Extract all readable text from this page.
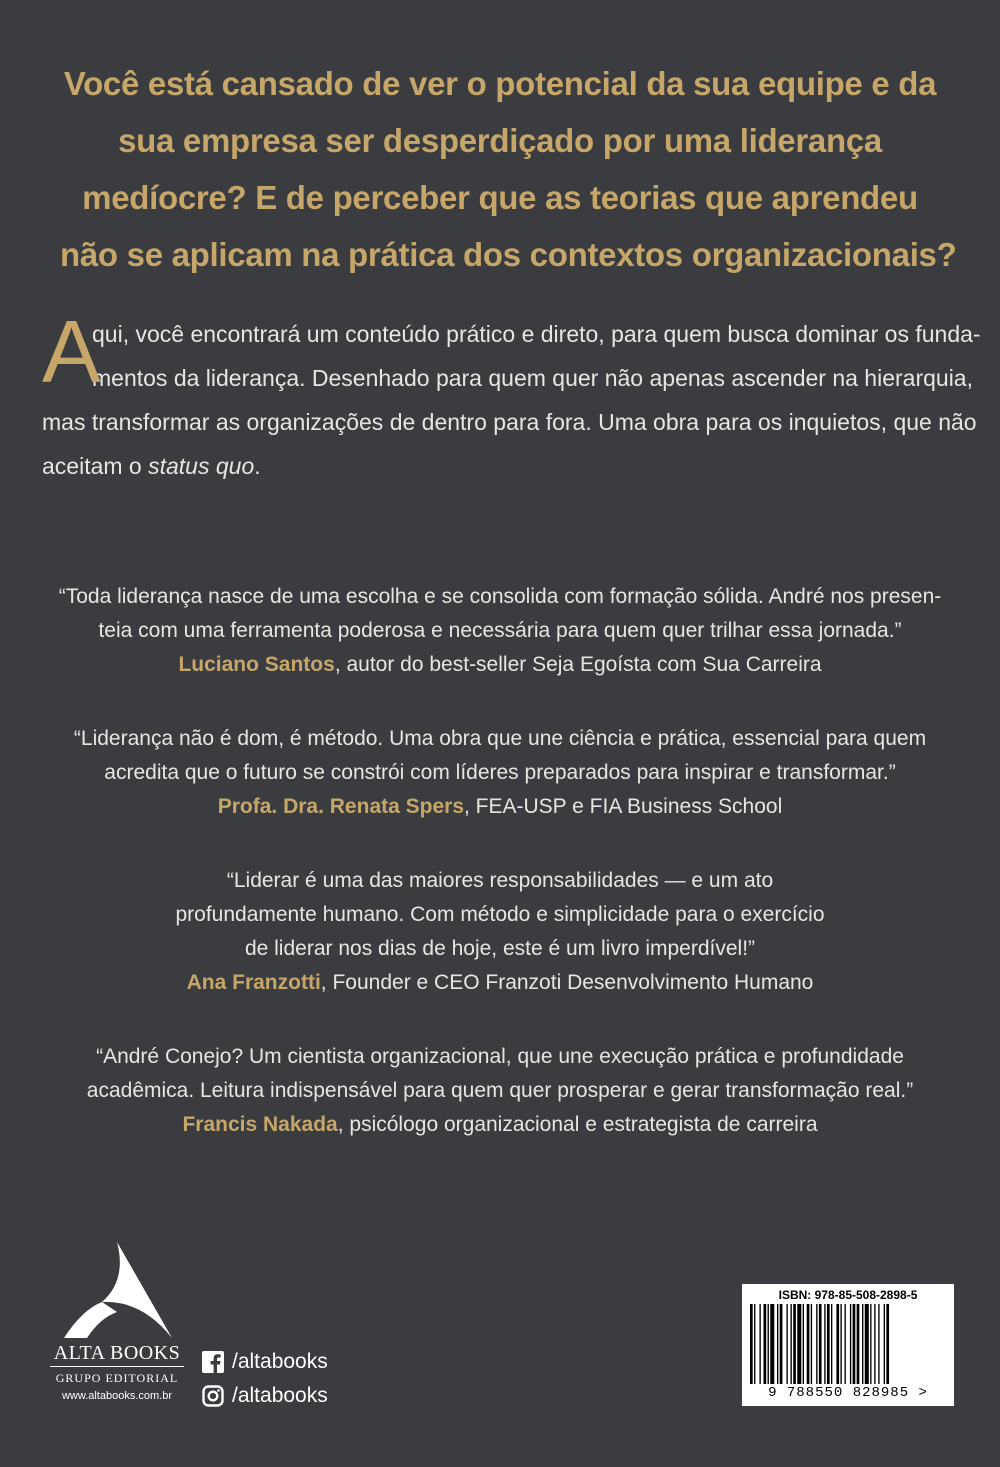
Você está cansado de ver o potencial da sua equipe e da
sua empresa ser desperdiçado por uma liderança
medíocre? E de perceber que as teorias que aprendeu
não se aplicam na prática dos contextos organizacionais?
A
qui, você encontrará um conteúdo prático e direto, para quem busca dominar os funda-
mentos da liderança. Desenhado para quem quer não apenas ascender na hierarquia,
mas transformar as organizações de dentro para fora. Uma obra para os inquietos, que não
aceitam o status quo.
“Toda liderança nasce de uma escolha e se consolida com formação sólida. André nos presen-
teia com uma ferramenta poderosa e necessária para quem quer trilhar essa jornada.”
Luciano Santos, autor do best-seller Seja Egoísta com Sua Carreira
“Liderança não é dom, é método. Uma obra que une ciência e prática, essencial para quem
acredita que o futuro se constrói com líderes preparados para inspirar e transformar.”
Profa. Dra. Renata Spers, FEA-USP e FIA Business School
“Liderar é uma das maiores responsabilidades — e um ato
profundamente humano. Com método e simplicidade para o exercício
de liderar nos dias de hoje, este é um livro imperdível!”
Ana Franzotti, Founder e CEO Franzoti Desenvolvimento Humano
“André Conejo? Um cientista organizacional, que une execução prática e profundidade
acadêmica. Leitura indispensável para quem quer prosperar e gerar transformação real.”
Francis Nakada, psicólogo organizacional e estrategista de carreira
ALTA BOOKS
GRUPO EDITORIAL
www.altabooks.com.br
/altabooks
/altabooks
ISBN: 978-85-508-2898-5
9 788550 828985 >
